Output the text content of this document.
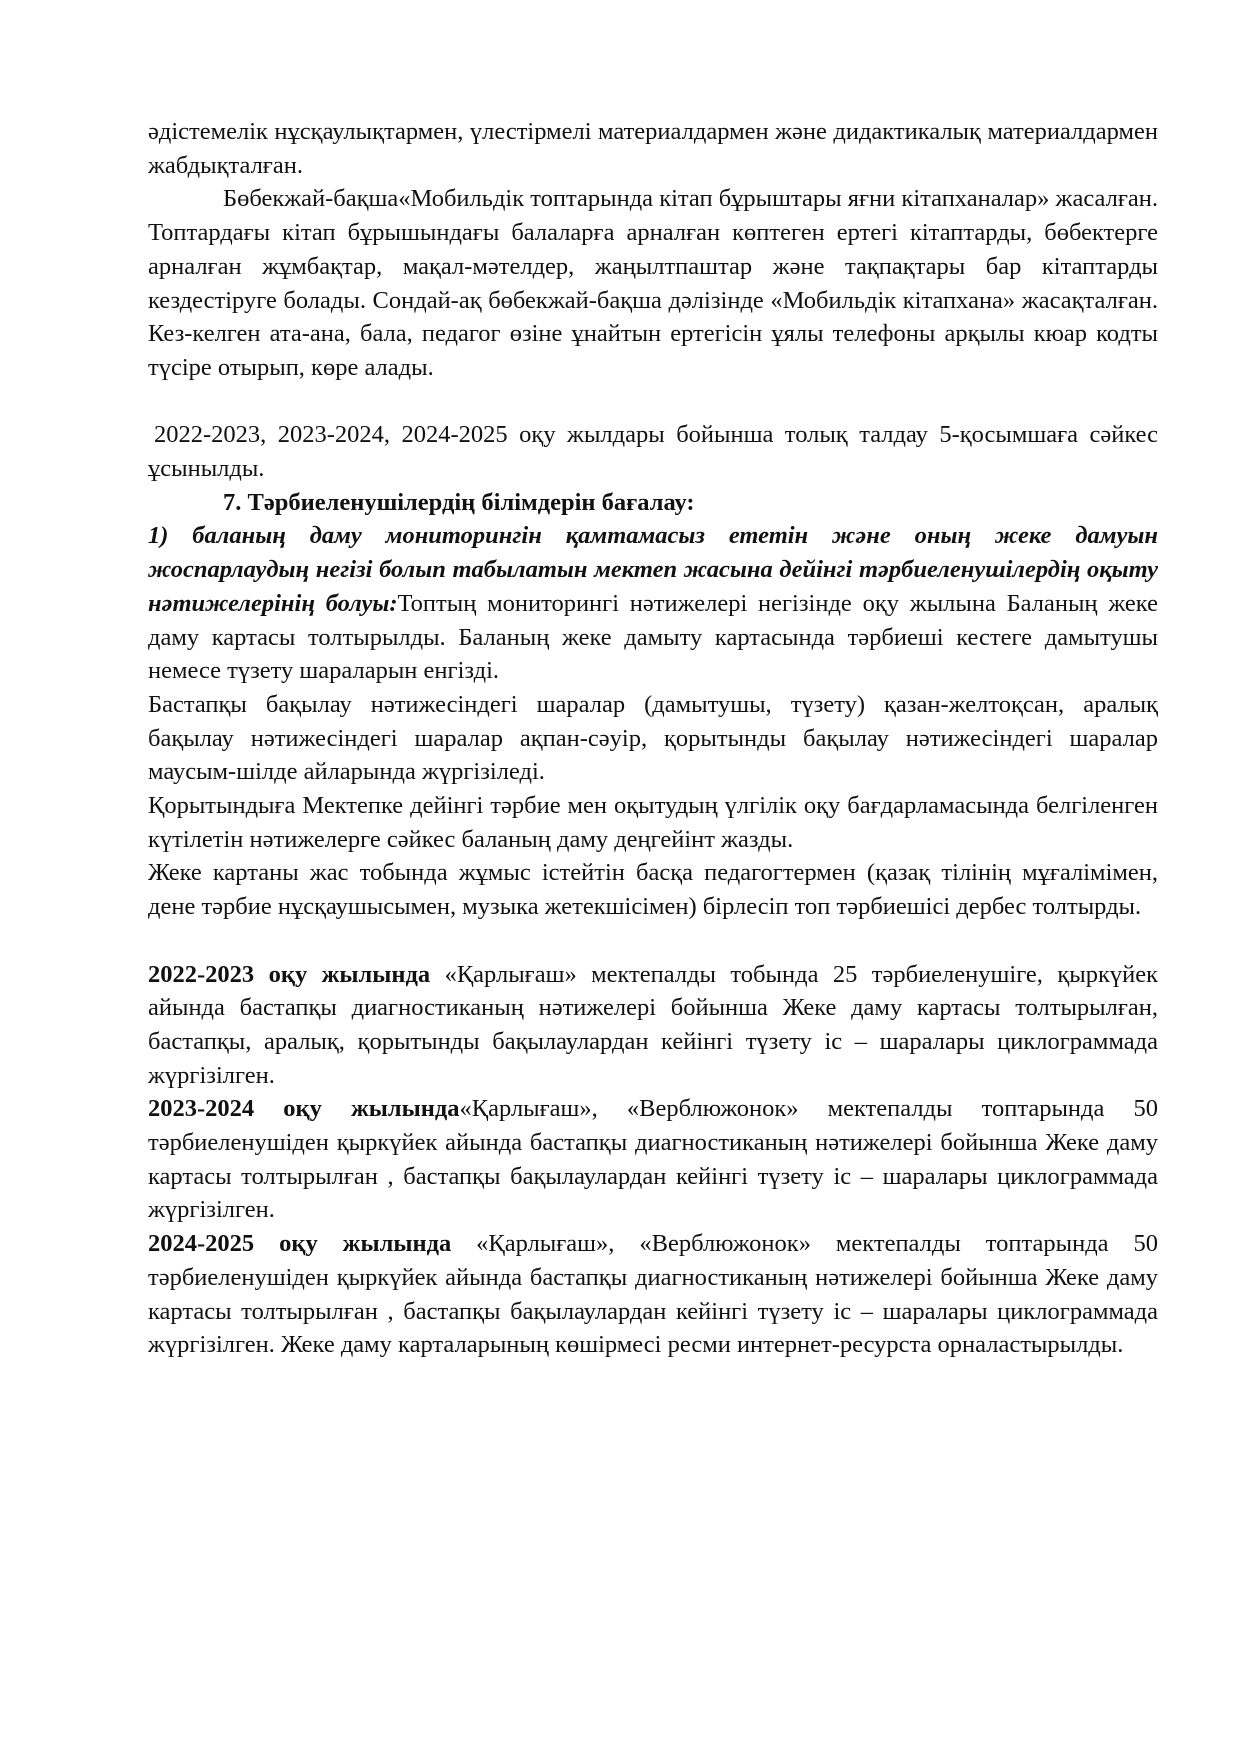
әдістемелік нұсқаулықтармен, үлестірмелі материалдармен және дидактикалық материалдармен жабдықталған.

Бөбекжай-бақша«Мобильдік топтарында кітап бұрыштары яғни кітапханалар» жасалған. Топтардағы кітап бұрышындағы балаларға арналған көптеген ертегі кітаптарды, бөбектерге арналған жұмбақтар, мақал-мәтелдер, жаңылтпаштар және тақпақтары бар кітаптарды кездестіруге болады. Сондай-ақ бөбекжай-бақша дәлізінде «Мобильдік кітапхана» жасақталған. Кез-келген ата-ана, бала, педагог өзіне ұнайтын ертегісін ұялы телефоны арқылы кюар кодты түсіре отырып, көре алады.

2022-2023, 2023-2024, 2024-2025 оқу жылдары бойынша толық талдау 5-қосымшаға сәйкес ұсынылды.

7. Тәрбиеленушілердің білімдерін бағалау:

1) баланың даму мониторингін қамтамасыз ететін және оның жеке дамуын жоспарлаудың негізі болып табылатын мектеп жасына дейінгі тәрбиеленушілердің оқыту нәтижелерінің болуы:Топтың мониторингі нәтижелері негізінде оқу жылына Баланың жеке даму картасы толтырылды. Баланың жеке дамыту картасында тәрбиеші кестеге дамытушы немесе түзету шараларын енгізді.

Бастапқы бақылау нәтижесіндегі шаралар (дамытушы, түзету) қазан-желтоқсан, аралық бақылау нәтижесіндегі шаралар ақпан-сәуір, қорытынды бақылау нәтижесіндегі шаралар маусым-шілде айларында жүргізіледі.

Қорытындыға Мектепке дейінгі тәрбие мен оқытудың үлгілік оқу бағдарламасында белгіленген күтілетін нәтижелерге сәйкес баланың даму деңгейінт жазды.

Жеке картаны жас тобында жұмыс істейтін басқа педагогтермен (қазақ тілінің мұғалімімен, дене тәрбие нұсқаушысымен, музыка жетекшісімен) бірлесіп топ тәрбиешісі дербес толтырды.

2022-2023 оқу жылында «Қарлығаш» мектепалды тобында 25 тәрбиеленушіге, қыркүйек айында бастапқы диагностиканың нәтижелері бойынша Жеке даму картасы толтырылған, бастапқы, аралық, қорытынды бақылаулардан кейінгі түзету іс – шаралары циклограммада жүргізілген.

2023-2024 оқу жылында«Қарлығаш», «Верблюжонок» мектепалды топтарында 50 тәрбиеленушіден қыркүйек айында бастапқы диагностиканың нәтижелері бойынша Жеке даму картасы толтырылған , бастапқы бақылаулардан кейінгі түзету іс – шаралары циклограммада жүргізілген.

2024-2025 оқу жылында «Қарлығаш», «Верблюжонок» мектепалды топтарында 50 тәрбиеленушіден қыркүйек айында бастапқы диагностиканың нәтижелері бойынша Жеке даму картасы толтырылған , бастапқы бақылаулардан кейінгі түзету іс – шаралары циклограммада жүргізілген. Жеке даму карталарының көшірмесі ресми интернет-ресурста орналастырылды.
